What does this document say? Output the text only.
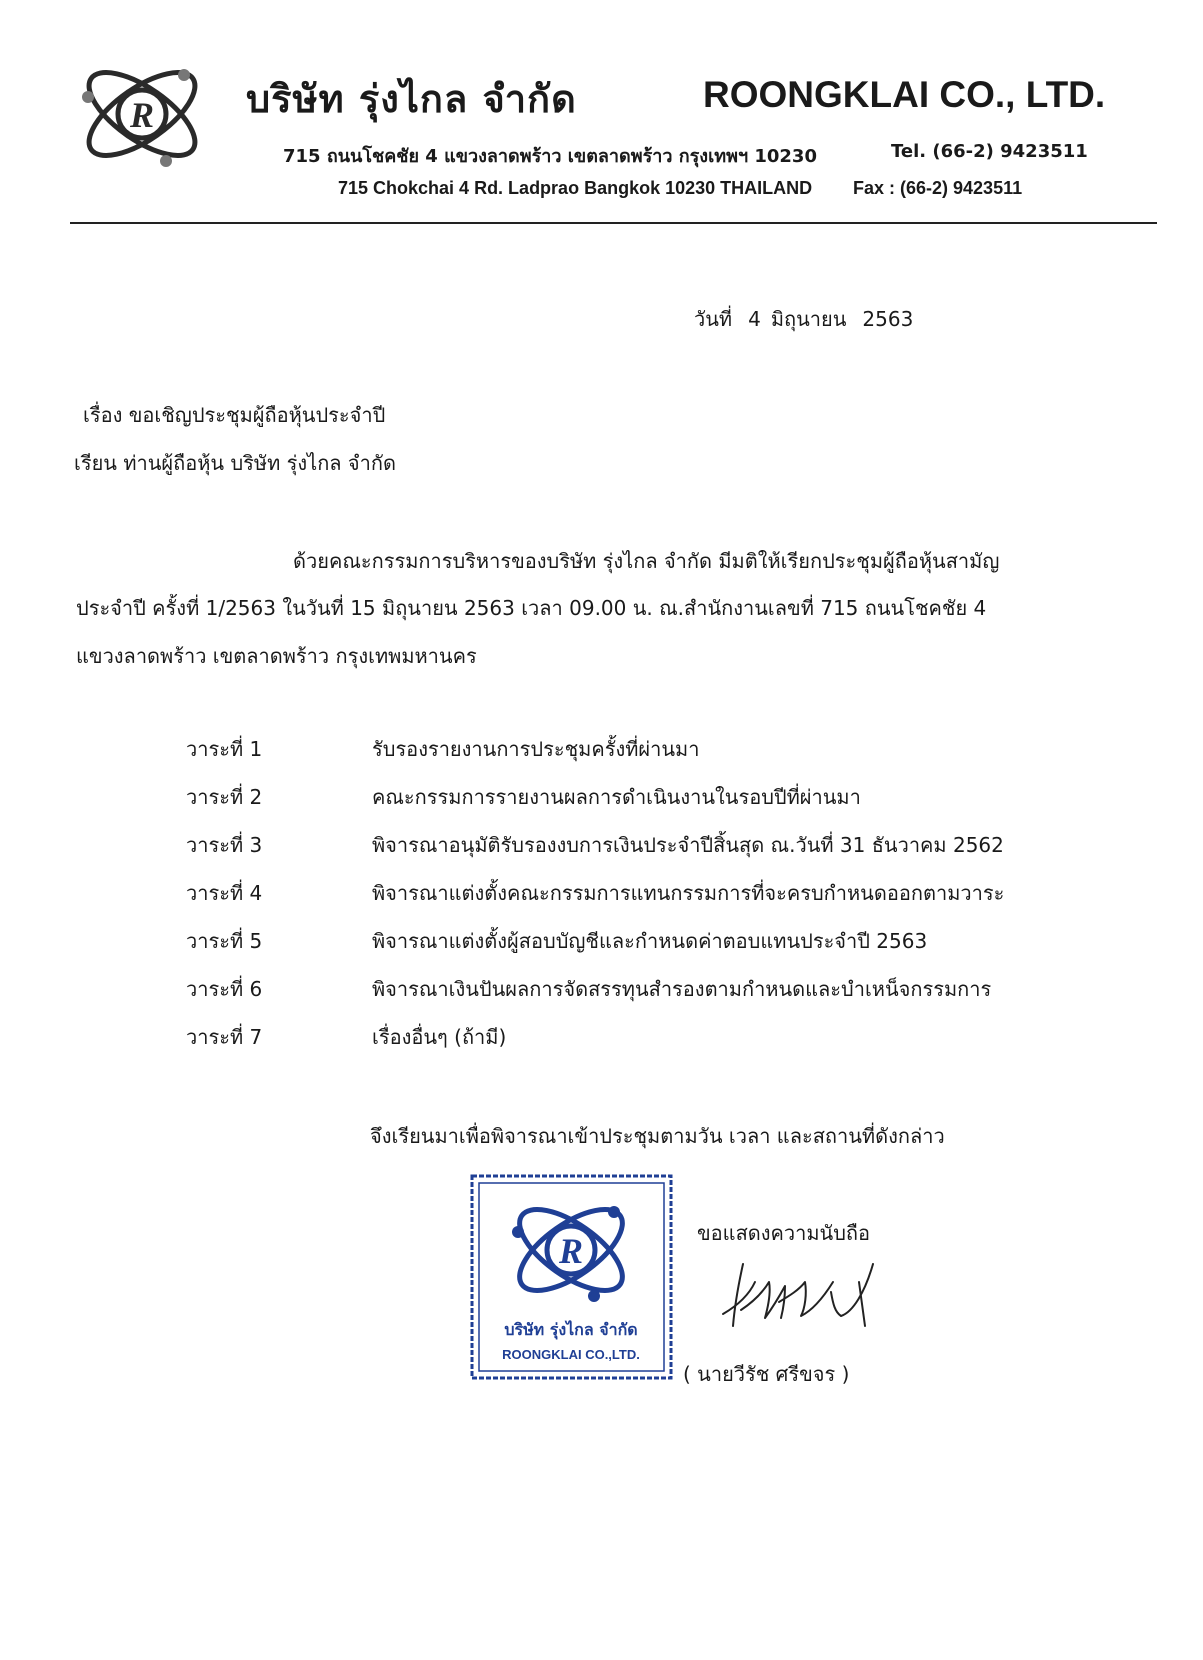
R บริษัท รุ่งไกล จำกัด	ROONGKLAI CO., LTD.
715 ถนนโชคชัย 4 แขวงลาดพร้าว เขตลาดพร้าว กรุงเทพฯ 10230	Tel. (66-2) 9423511
715 Chokchai 4 Rd. Ladprao Bangkok 10230 THAILAND Fax : (66-2) 9423511
วันที่ 4 มิถุนายน 2563
เรื่อง ขอเชิญประชุมผู้ถือหุ้นประจำปี
เรียน ท่านผู้ถือหุ้น บริษัท รุ่งไกล จำกัด
ด้วยคณะกรรมการบริหารของบริษัท รุ่งไกล จำกัด มีมติให้เรียกประชุมผู้ถือหุ้นสามัญ
ประจำปี ครั้งที่ 1/2563 ในวันที่ 15 มิถุนายน 2563 เวลา 09.00 น. ณ.สำนักงานเลขที่ 715 ถนนโชคชัย 4
แขวงลาดพร้าว เขตลาดพร้าว กรุงเทพมหานคร
วาระที่ 1	รับรองรายงานการประชุมครั้งที่ผ่านมา
วาระที่ 2	คณะกรรมการรายงานผลการดำเนินงานในรอบปีที่ผ่านมา
วาระที่ 3	พิจารณาอนุมัติรับรองงบการเงินประจำปีสิ้นสุด ณ.วันที่ 31 ธันวาคม 2562
วาระที่ 4	พิจารณาแต่งตั้งคณะกรรมการแทนกรรมการที่จะครบกำหนดออกตามวาระ
วาระที่ 5	พิจารณาแต่งตั้งผู้สอบบัญชีและกำหนดค่าตอบแทนประจำปี 2563
วาระที่ 6	พิจารณาเงินปันผลการจัดสรรทุนสำรองตามกำหนดและบำเหน็จกรรมการ
วาระที่ 7	เรื่องอื่นๆ (ถ้ามี)
จึงเรียนมาเพื่อพิจารณาเข้าประชุมตามวัน เวลา และสถานที่ดังกล่าว
R
บริษัท รุ่งไกล จำกัด
ROONGKLAI CO.,LTD.
ขอแสดงความนับถือ
( นายวีรัช ศรีขจร )
